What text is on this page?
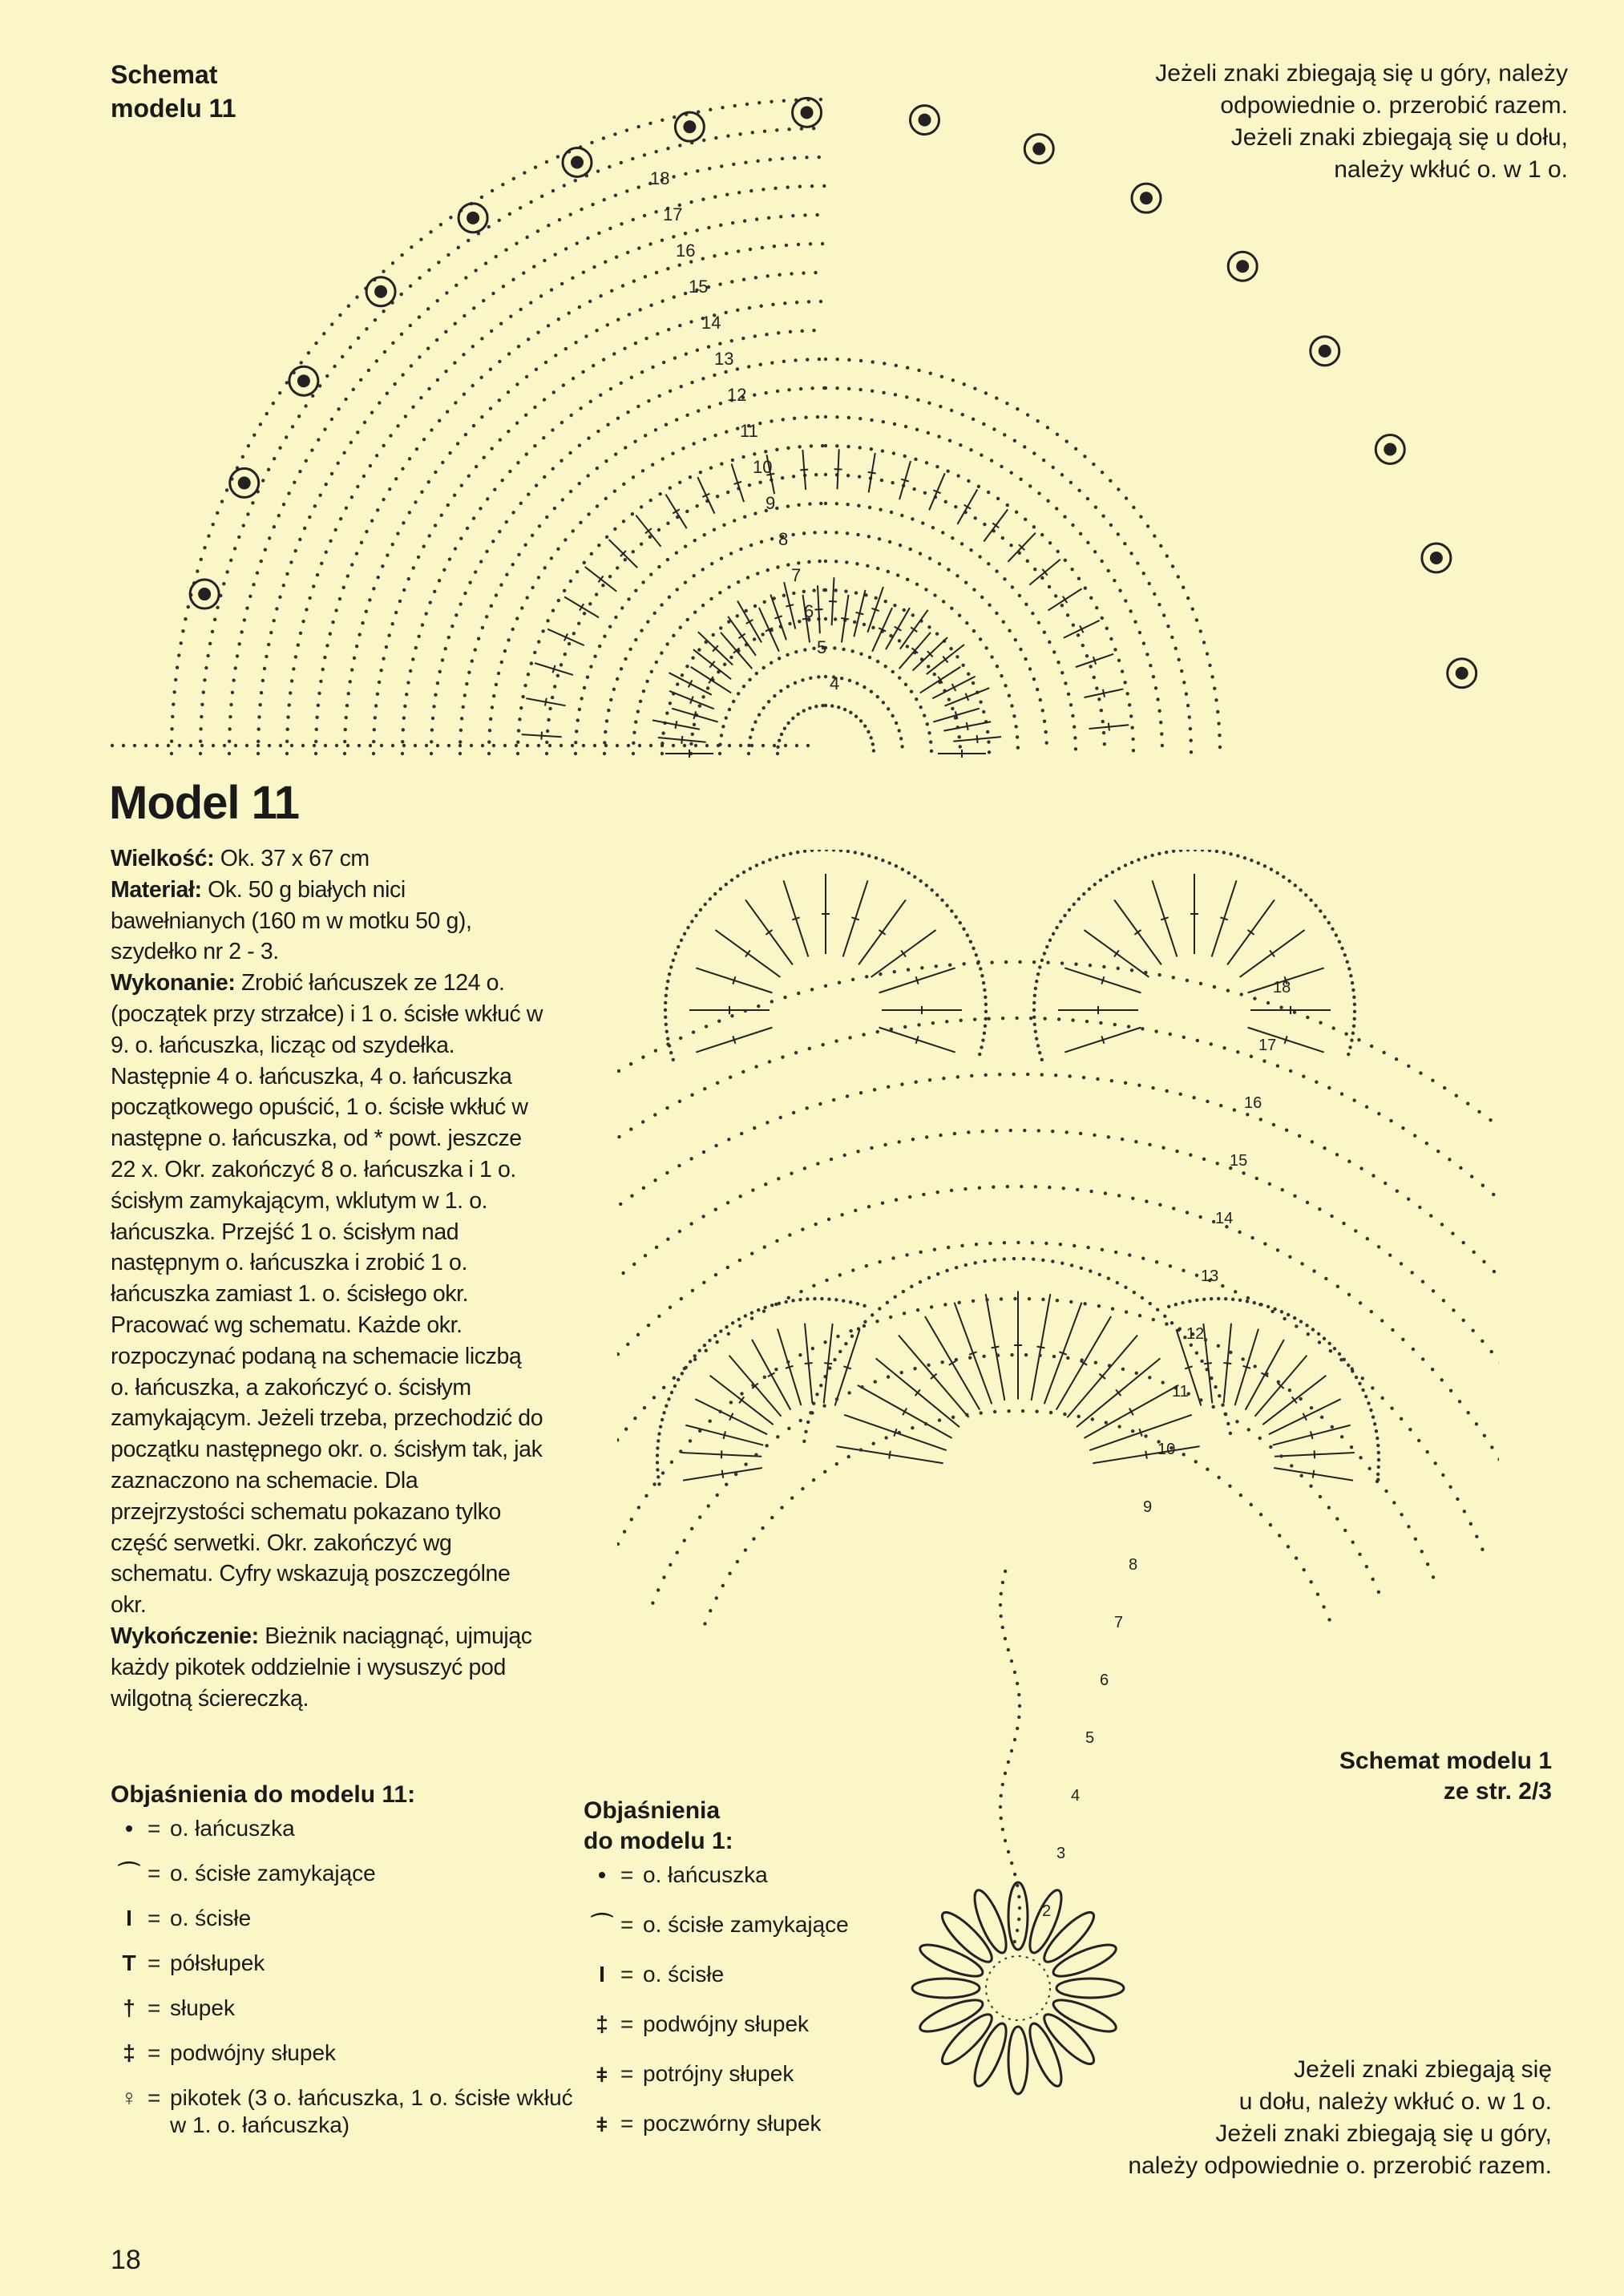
Schemat
modelu 11
Jeżeli znaki zbiegają się u góry, należy
odpowiednie o. przerobić razem.
Jeżeli znaki zbiegają się u dołu,
należy wkłuć o. w 1 o.
4
5
6
7
8
9
10
11
12
13
14
15
16
17
18
Model 11

Wielkość: Ok. 37 x 67 cm

Materiał: Ok. 50 g białych nici bawełnianych (160 m w motku 50 g), szydełko nr 2 - 3.

Wykonanie: Zrobić łańcuszek ze 124 o. (początek przy strzałce) i 1 o. ścisłe wkłuć w 9. o. łańcuszka, licząc od szydełka. Następnie 4 o. łańcuszka, 4 o. łańcuszka początkowego opuścić, 1 o. ścisłe wkłuć w następne o. łańcuszka, od * powt. jeszcze 22 x. Okr. zakończyć 8 o. łańcuszka i 1 o. ścisłym zamykającym, wklutym w 1. o. łańcuszka. Przejść 1 o. ścisłym nad następnym o. łańcuszka i zrobić 1 o. łańcuszka zamiast 1. o. ścisłego okr. Pracować wg schematu. Każde okr. rozpoczynać podaną na schemacie liczbą o. łańcuszka, a zakończyć o. ścisłym zamykającym. Jeżeli trzeba, przechodzić do początku następnego okr. o. ścisłym tak, jak zaznaczono na schemacie. Dla przejrzystości schematu pokazano tylko część serwetki. Okr. zakończyć wg schematu. Cyfry wskazują poszczególne okr.

Wykończenie: Bieżnik naciągnąć, ujmując każdy pikotek oddzielnie i wysuszyć pod wilgotną ściereczką.

2
3
4
5
6
7
8
9
10
11
12
13
14
15
16
17
18
Objaśnienia do modelu 11:
• = o. łańcuszka
⌒ = o. ścisłe zamykające
I = o. ścisłe
T = półsłupek
† = słupek
‡ = podwójny słupek
♀ = pikotek (3 o. łańcuszka, 1 o. ścisłe wkłuć w 1. o. łańcuszka)
Objaśnienia
do modelu 1:
• = o. łańcuszka
⌒ = o. ścisłe zamykające
I = o. ścisłe
‡ = podwójny słupek
⧧ = potrójny słupek
⧧ = poczwórny słupek
Schemat modelu 1
ze str. 2/3
Jeżeli znaki zbiegają się
u dołu, należy wkłuć o. w 1 o.
Jeżeli znaki zbiegają się u góry,
należy odpowiednie o. przerobić razem.
18
